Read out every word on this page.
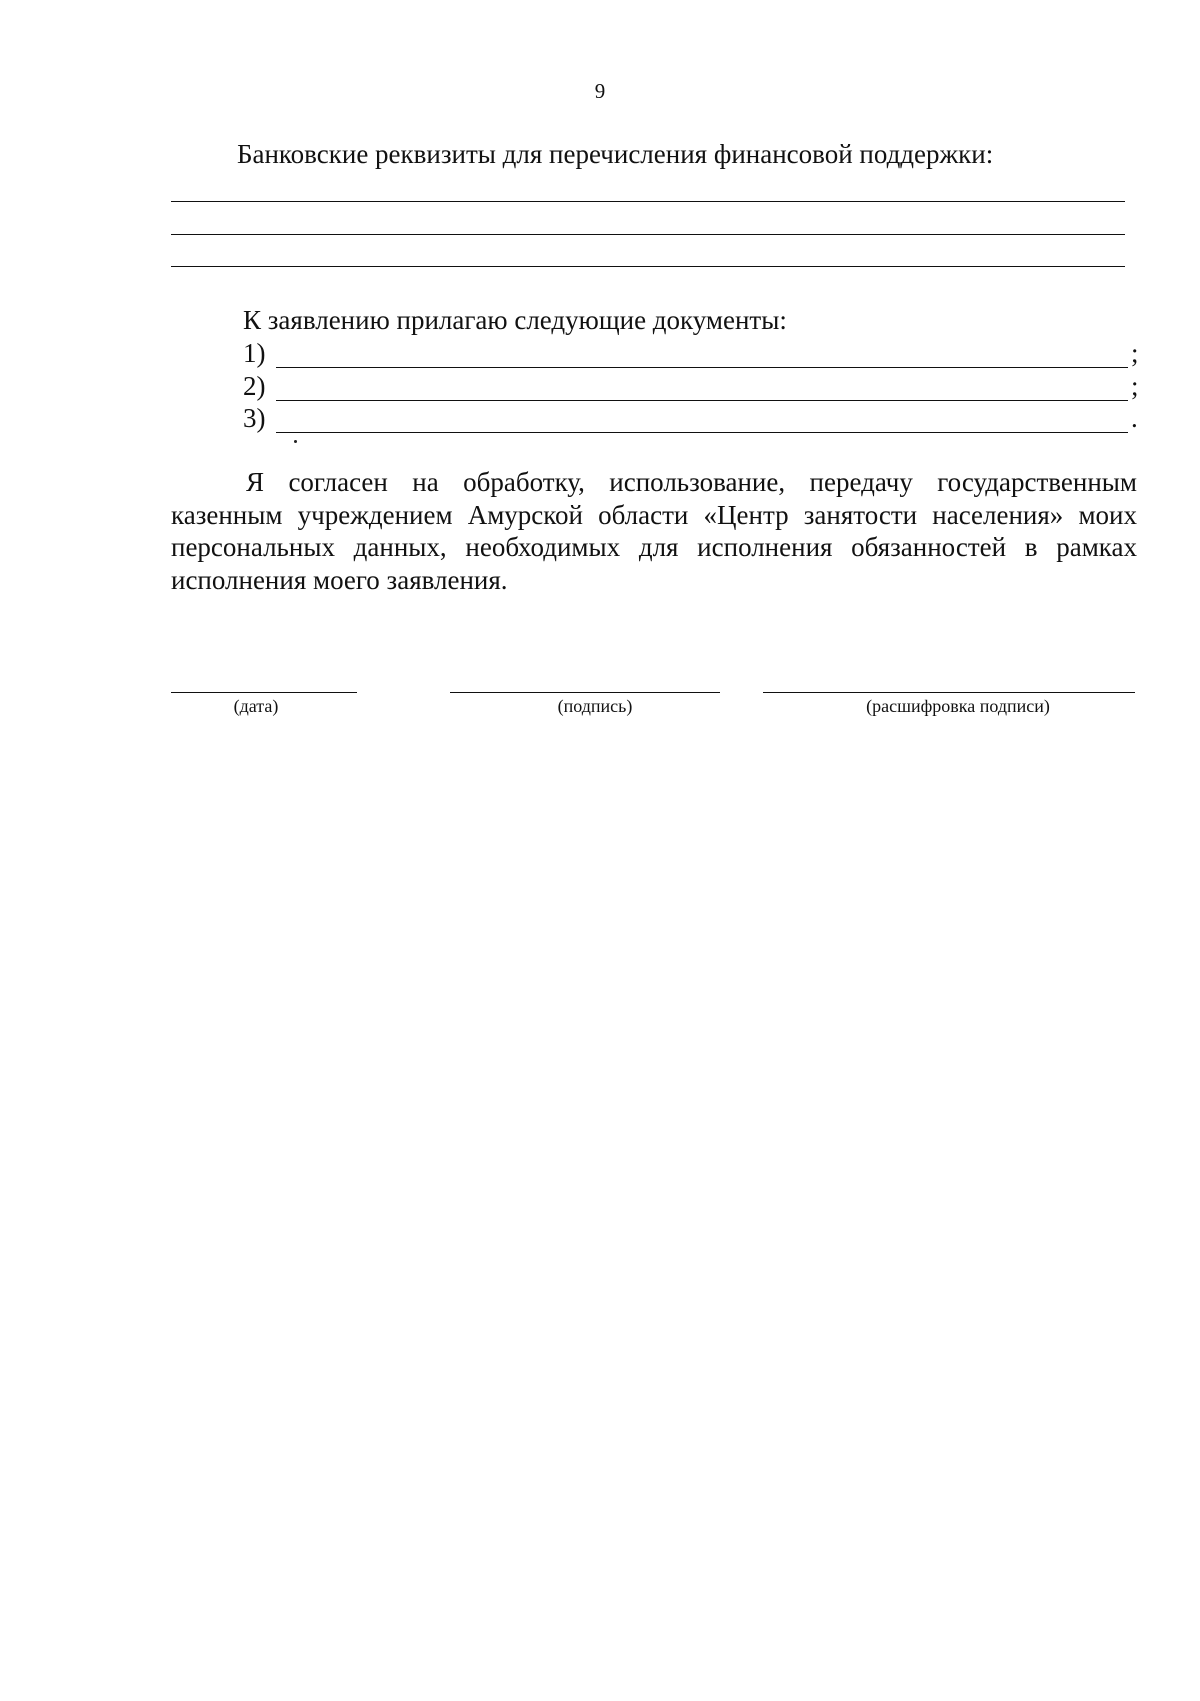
9
Банковские реквизиты для перечисления финансовой поддержки:
К заявлению прилагаю следующие документы:
1)	;
2)	;
3)	.

Я согласен на обработку, использование, передачу государственным казенным учреждением Амурской области «Центр занятости населения» моих персональных данных, необходимых для исполнения обязанностей в рамках исполнения моего заявления.

(дата)	(подпись)	(расшифровка подписи)
